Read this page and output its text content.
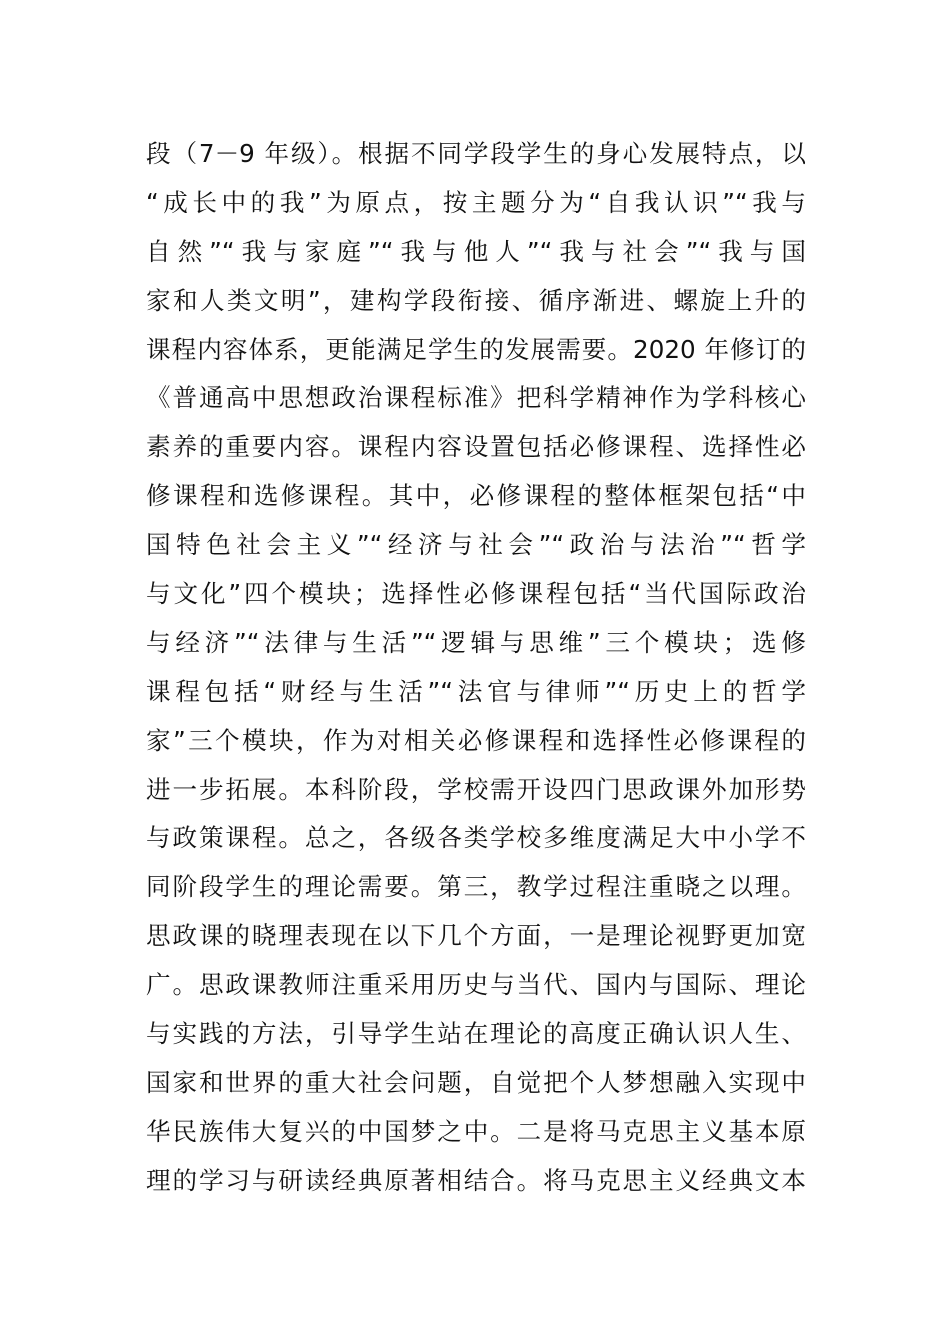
段（7－9 年级）。根据不同学段学生的身心发展特点，以
“成长中的我”为原点，按主题分为“自我认识”“我与
自然”“我与家庭”“我与他人”“我与社会”“我与国
家和人类文明”，建构学段衔接、循序渐进、螺旋上升的
课程内容体系，更能满足学生的发展需要。2020 年修订的
《普通高中思想政治课程标准》把科学精神作为学科核心
素养的重要内容。课程内容设置包括必修课程、选择性必
修课程和选修课程。其中，必修课程的整体框架包括“中
国特色社会主义”“经济与社会”“政治与法治”“哲学
与文化”四个模块；选择性必修课程包括“当代国际政治
与经济”“法律与生活”“逻辑与思维”三个模块；选修
课程包括“财经与生活”“法官与律师”“历史上的哲学
家”三个模块，作为对相关必修课程和选择性必修课程的
进一步拓展。本科阶段，学校需开设四门思政课外加形势
与政策课程。总之，各级各类学校多维度满足大中小学不
同阶段学生的理论需要。第三，教学过程注重晓之以理。
思政课的晓理表现在以下几个方面，一是理论视野更加宽
广。思政课教师注重采用历史与当代、国内与国际、理论
与实践的方法，引导学生站在理论的高度正确认识人生、
国家和世界的重大社会问题，自觉把个人梦想融入实现中
华民族伟大复兴的中国梦之中。二是将马克思主义基本原
理的学习与研读经典原著相结合。将马克思主义经典文本
